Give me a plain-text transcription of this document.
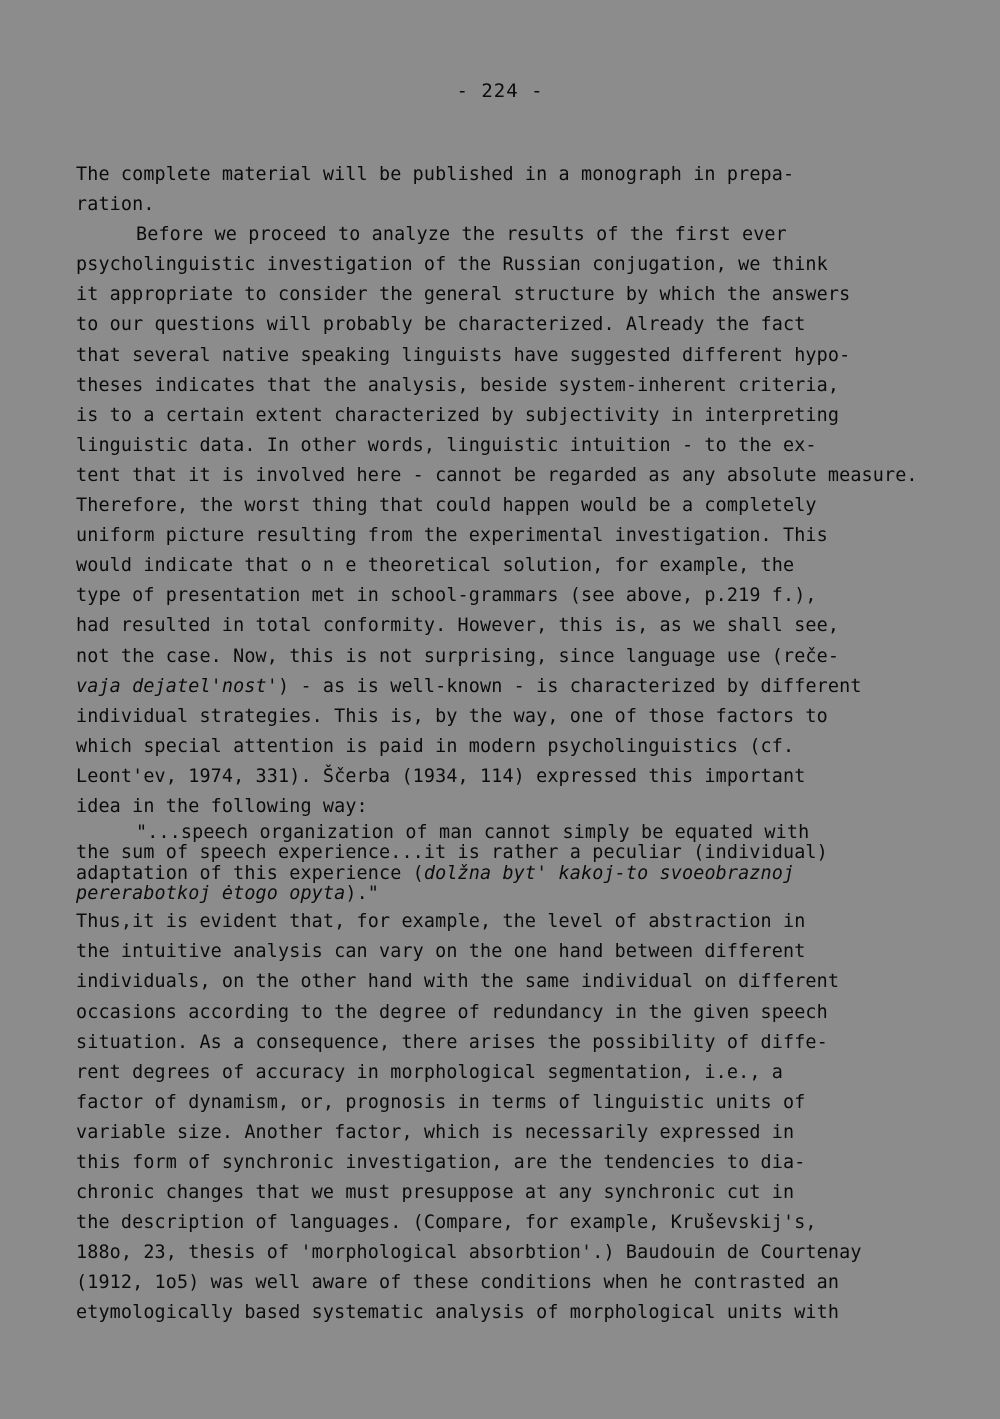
- 224 -
The complete material will be published in a monograph in prepa-
ration.
Before we proceed to analyze the results of the first ever
psycholinguistic investigation of the Russian conjugation, we think
it appropriate to consider the general structure by which the answers
to our questions will probably be characterized. Already the fact
that several native speaking linguists have suggested different hypo-
theses indicates that the analysis, beside system-inherent criteria,
is to a certain extent characterized by subjectivity in interpreting
linguistic data. In other words, linguistic intuition - to the ex-
tent that it is involved here - cannot be regarded as any absolute measure.
Therefore, the worst thing that could happen would be a completely
uniform picture resulting from the experimental investigation. This
would indicate that o n e theoretical solution, for example, the
type of presentation met in school-grammars (see above, p.219 f.),
had resulted in total conformity. However, this is, as we shall see,
not the case. Now, this is not surprising, since language use (reče-
vaja dejatel'nost') - as is well-known - is characterized by different
individual strategies. This is, by the way, one of those factors to
which special attention is paid in modern psycholinguistics (cf.
Leont'ev, 1974, 331). Ščerba (1934, 114) expressed this important
idea in the following way:
"...speech organization of man cannot simply be equated with
the sum of speech experience...it is rather a peculiar (individual)
adaptation of this experience (dolžna byt' kakoj-to svoeobraznoj
pererabotkoj ėtogo opyta)."
Thus,it is evident that, for example, the level of abstraction in
the intuitive analysis can vary on the one hand between different
individuals, on the other hand with the same individual on different
occasions according to the degree of redundancy in the given speech
situation. As a consequence, there arises the possibility of diffe-
rent degrees of accuracy in morphological segmentation, i.e., a
factor of dynamism, or, prognosis in terms of linguistic units of
variable size. Another factor, which is necessarily expressed in
this form of synchronic investigation, are the tendencies to dia-
chronic changes that we must presuppose at any synchronic cut in
the description of languages. (Compare, for example, Kruševskij's,
188o, 23, thesis of 'morphological absorbtion'.) Baudouin de Courtenay
(1912, 1o5) was well aware of these conditions when he contrasted an
etymologically based systematic analysis of morphological units with
